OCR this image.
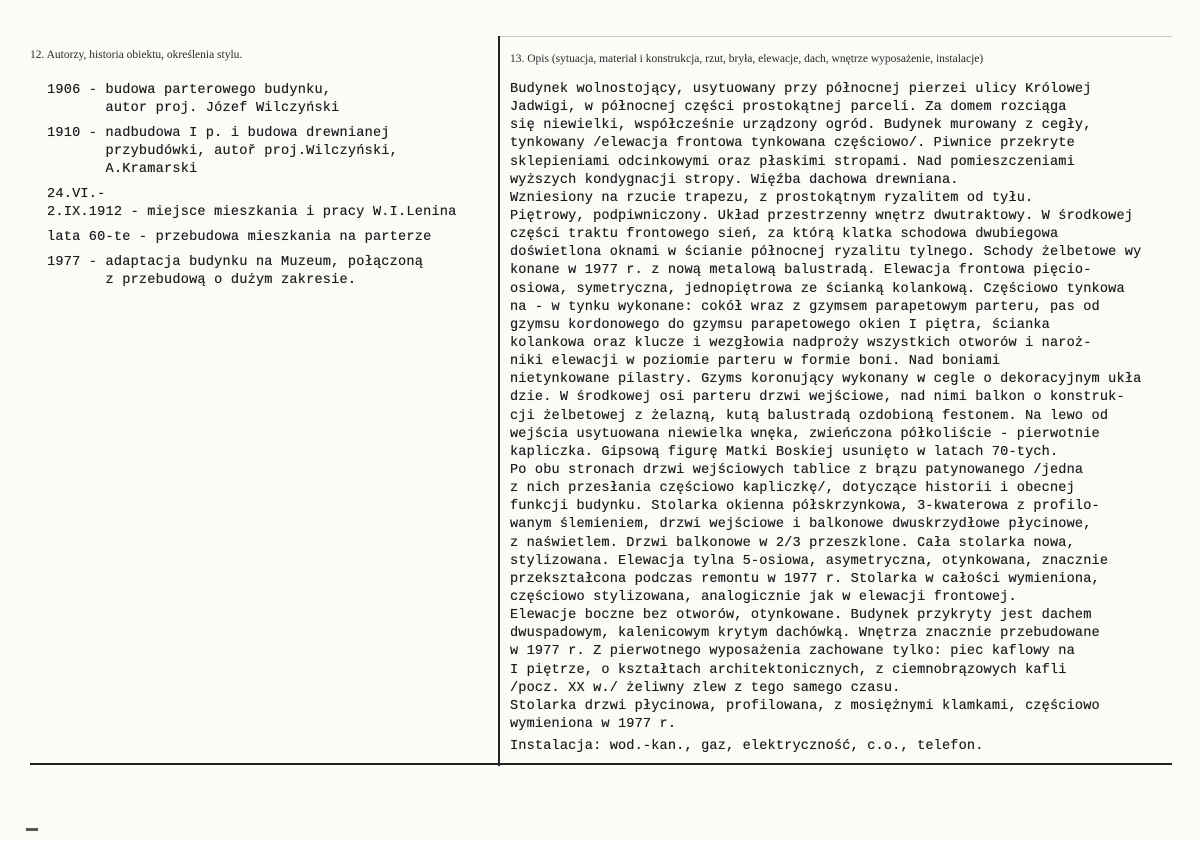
12. Autorzy, historia obiektu, określenia stylu.	13. Opis (sytuacja, materiał i konstrukcja, rzut, bryła, elewacje, dach, wnętrze wyposażenie, instalacje)
1906 - budowa parterowego budynku,
autor proj. Józef Wilczyński
1910 - nadbudowa I p. i budowa drewnianej
przybudówki, autoř proj.Wilczyński,
A.Kramarski
24.VI.-
2.IX.1912 - miejsce mieszkania i pracy W.I.Lenina
lata 60-te - przebudowa mieszkania na parterze
1977 - adaptacja budynku na Muzeum, połączoną
z przebudową o dużym zakresie.
Budynek wolnostojący, usytuowany przy północnej pierzei ulicy Królowej
Jadwigi, w północnej części prostokątnej parceli. Za domem rozciąga
się niewielki, współcześnie urządzony ogród. Budynek murowany z cegły,
tynkowany /elewacja frontowa tynkowana częściowo/. Piwnice przekryte
sklepieniami odcinkowymi oraz płaskimi stropami. Nad pomieszczeniami
wyższych kondygnacji stropy. Więźba dachowa drewniana.
Wzniesiony na rzucie trapezu, z prostokątnym ryzalitem od tyłu.
Piętrowy, podpiwniczony. Układ przestrzenny wnętrz dwutraktowy. W środkowej
części traktu frontowego sień, za którą klatka schodowa dwubiegowa
doświetlona oknami w ścianie północnej ryzalitu tylnego. Schody żelbetowe wy
konane w 1977 r. z nową metalową balustradą. Elewacja frontowa pięcio-
osiowa, symetryczna, jednopiętrowa ze ścianką kolankową. Częściowo tynkowa
na - w tynku wykonane: cokół wraz z gzymsem parapetowym parteru, pas od
gzymsu kordonowego do gzymsu parapetowego okien I piętra, ścianka
kolankowa oraz klucze i wezgłowia nadproży wszystkich otworów i naroż-
niki elewacji w poziomie parteru w formie boni. Nad boniami
nietynkowane pilastry. Gzyms koronujący wykonany w cegle o dekoracyjnym ukła
dzie. W środkowej osi parteru drzwi wejściowe, nad nimi balkon o konstruk-
cji żelbetowej z żelazną, kutą balustradą ozdobioną festonem. Na lewo od
wejścia usytuowana niewielka wnęka, zwieńczona półkoliście - pierwotnie
kapliczka. Gipsową figurę Matki Boskiej usunięto w latach 70-tych.
Po obu stronach drzwi wejściowych tablice z brązu patynowanego /jedna
z nich przesłania częściowo kapliczkę/, dotyczące historii i obecnej
funkcji budynku. Stolarka okienna półskrzynkowa, 3-kwaterowa z profilo-
wanym ślemieniem, drzwi wejściowe i balkonowe dwuskrzydłowe płycinowe,
z naświetlem. Drzwi balkonowe w 2/3 przeszklone. Cała stolarka nowa,
stylizowana. Elewacja tylna 5-osiowa, asymetryczna, otynkowana, znacznie
przekształcona podczas remontu w 1977 r. Stolarka w całości wymieniona,
częściowo stylizowana, analogicznie jak w elewacji frontowej.
Elewacje boczne bez otworów, otynkowane. Budynek przykryty jest dachem
dwuspadowym, kalenicowym krytym dachówką. Wnętrza znacznie przebudowane
w 1977 r. Z pierwotnego wyposażenia zachowane tylko: piec kaflowy na
I piętrze, o kształtach architektonicznych, z ciemnobrązowych kafli
/pocz. XX w./ żeliwny zlew z tego samego czasu.
Stolarka drzwi płycinowa, profilowana, z mosiężnymi klamkami, częściowo
wymieniona w 1977 r.
Instalacja: wod.-kan., gaz, elektryczność, c.o., telefon.
